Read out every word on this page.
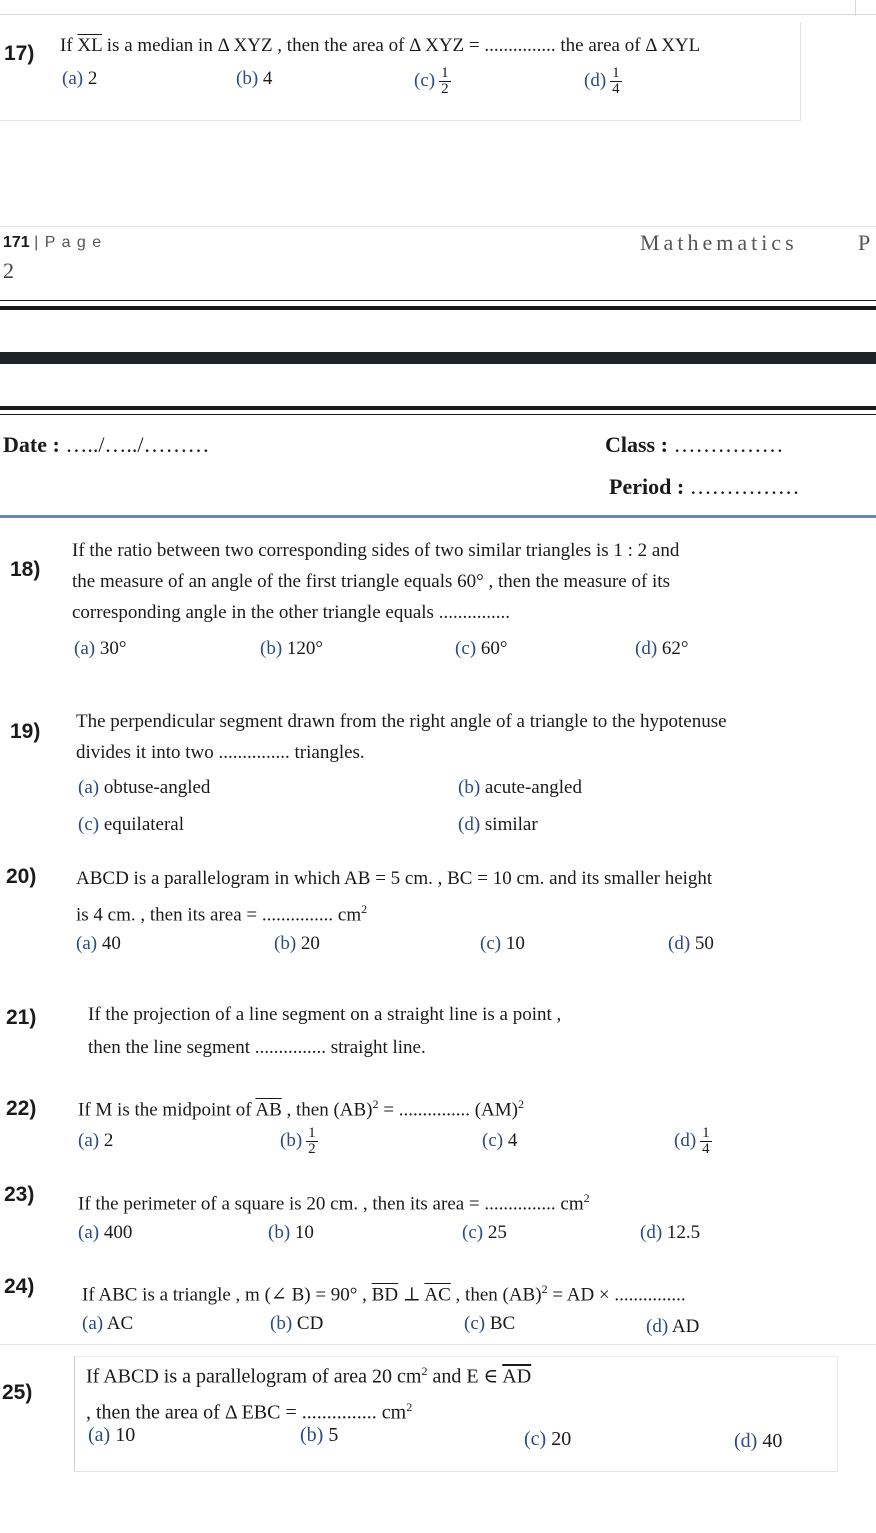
17) If $\overline{XL}$ is a median in Δ XYZ , then the area of Δ XYZ = ............... the area of Δ XYL
(a) 2	(b) 4	$(c) \frac{1}{2}$	$(d) \frac{1}{4}$
171 | P a g e
2
Mathematics	P
Date : …../…../………	Class : ……………
Period : ……………
18)
If the ratio between two corresponding sides of two similar triangles is 1 : 2 and
the measure of an angle of the first triangle equals 60° , then the measure of its
corresponding angle in the other triangle equals ...............
(a) 30°	(b) 120°	(c) 60°	(d) 62°
19) The perpendicular segment drawn from the right angle of a triangle to the hypotenuse
divides it into two ............... triangles.
(a) obtuse-angled	(b) acute-angled
(c) equilateral	(d) similar
20) ABCD is a parallelogram in which AB = 5 cm. , BC = 10 cm. and its smaller height
is 4 cm. , then its area = ............... $cm^2$
(a) 40	(b) 20	(c) 10	(d) 50
21)	If the projection of a line segment on a straight line is a point ,
then the line segment ............... straight line.
22) If M is the midpoint of $\overline{AB}$ , then (AB)$^2$ = ............... (AM)$^2$
(a) 2	$(b) \frac{1}{2}$	(c) 4	$(d) \frac{1}{4}$
23) If the perimeter of a square is 20 cm. , then its area = ............... $cm^2$
(a) 400	(b) 10	(c) 25	(d) 12.5
24)	If ABC is a triangle , m (∠ B) = 90° , $\overline{BD}$ ⊥ $\overline{AC}$ , then (AB)$^2$ = AD × ...............
(a) AC	(b) CD	(c) BC	(d) AD
25)
If ABCD is a parallelogram of area 20 $cm^2$ and E ∈ $\overline{AD}$
, then the area of Δ EBC = ............... $cm^2$
(a) 10	(b) 5	(c) 20	(d) 40
